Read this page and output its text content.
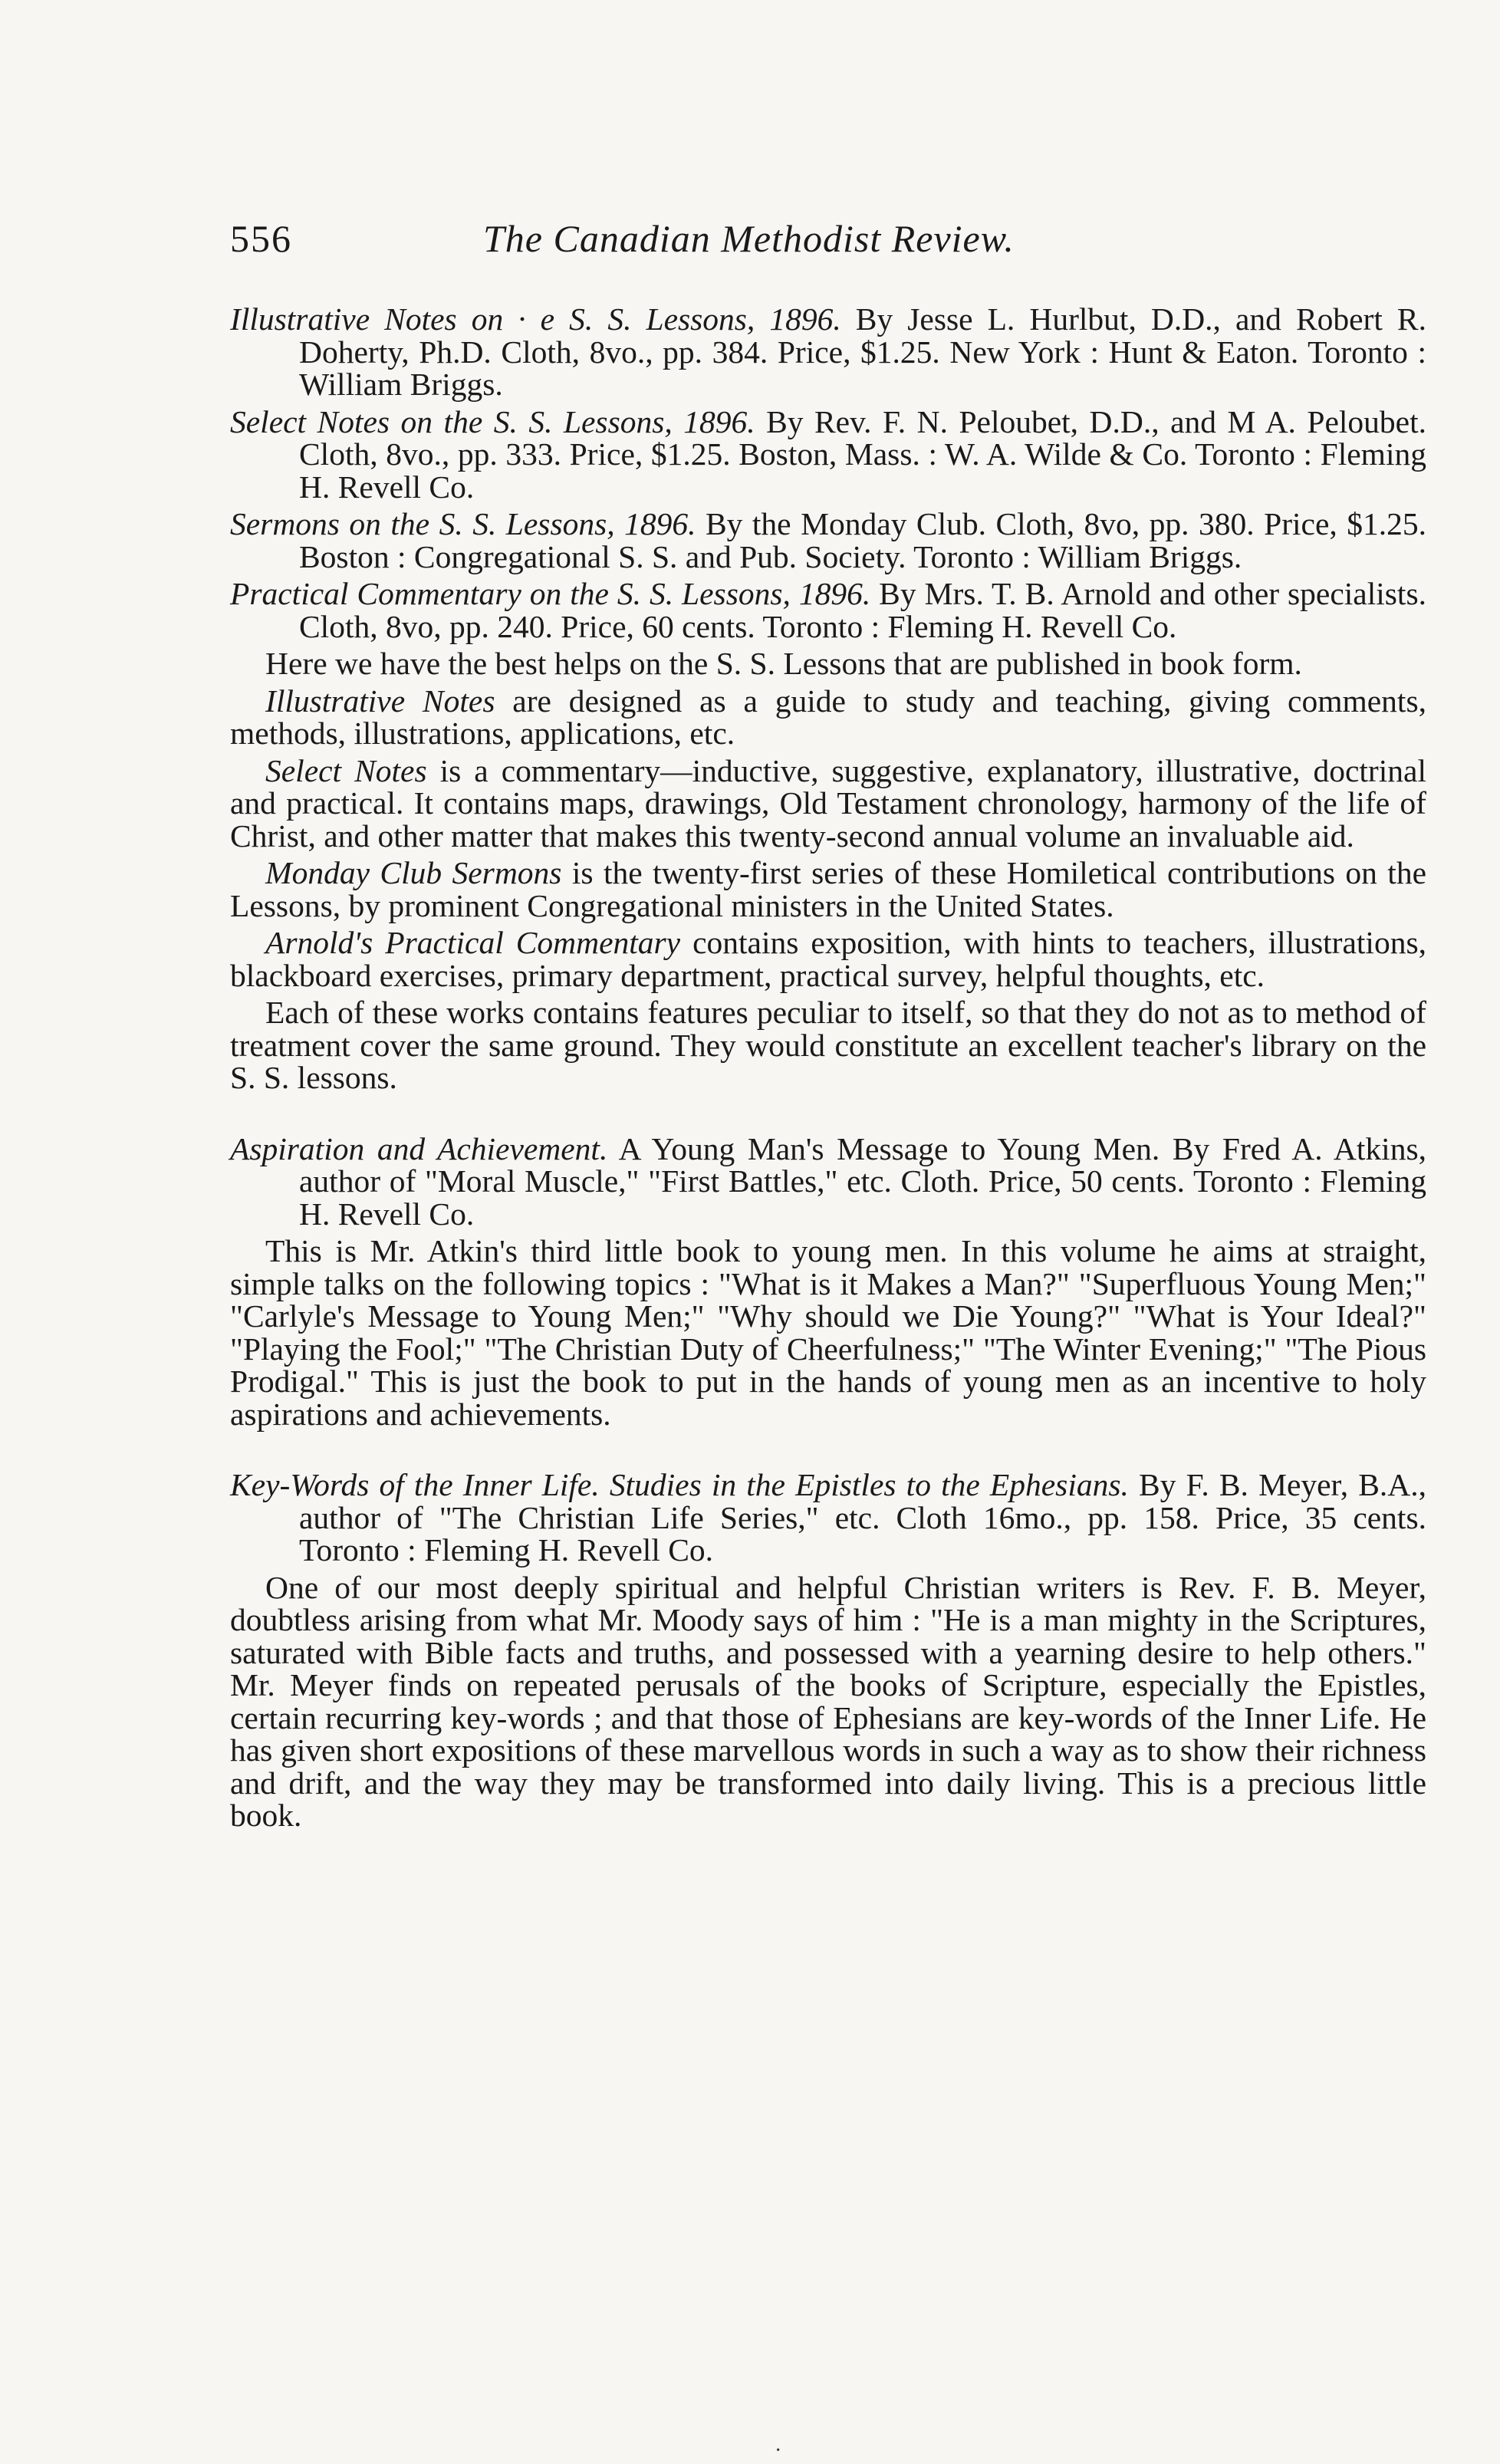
556	The Canadian Methodist Review.

Illustrative Notes on · e S. S. Lessons, 1896. By Jesse L. Hurlbut, D.D., and Robert R. Doherty, Ph.D. Cloth, 8vo., pp. 384. Price, $1.25. New York : Hunt & Eaton. Toronto : William Briggs.

Select Notes on the S. S. Lessons, 1896. By Rev. F. N. Peloubet, D.D., and M A. Peloubet. Cloth, 8vo., pp. 333. Price, $1.25. Boston, Mass. : W. A. Wilde & Co. Toronto : Fleming H. Revell Co.

Sermons on the S. S. Lessons, 1896. By the Monday Club. Cloth, 8vo, pp. 380. Price, $1.25. Boston : Congregational S. S. and Pub. Society. Toronto : William Briggs.

Practical Commentary on the S. S. Lessons, 1896. By Mrs. T. B. Arnold and other specialists. Cloth, 8vo, pp. 240. Price, 60 cents. Toronto : Fleming H. Revell Co.

Here we have the best helps on the S. S. Lessons that are published in book form.

Illustrative Notes are designed as a guide to study and teaching, giving comments, methods, illustrations, applications, etc.

Select Notes is a commentary—inductive, suggestive, explanatory, illustrative, doctrinal and practical. It contains maps, drawings, Old Testament chronology, harmony of the life of Christ, and other matter that makes this twenty-second annual volume an invaluable aid.

Monday Club Sermons is the twenty-first series of these Homiletical contributions on the Lessons, by prominent Congregational ministers in the United States.

Arnold's Practical Commentary contains exposition, with hints to teachers, illustrations, blackboard exercises, primary department, practical survey, helpful thoughts, etc.

Each of these works contains features peculiar to itself, so that they do not as to method of treatment cover the same ground. They would constitute an excellent teacher's library on the S. S. lessons.

Aspiration and Achievement. A Young Man's Message to Young Men. By Fred A. Atkins, author of "Moral Muscle," "First Battles," etc. Cloth. Price, 50 cents. Toronto : Fleming H. Revell Co.

This is Mr. Atkin's third little book to young men. In this volume he aims at straight, simple talks on the following topics : "What is it Makes a Man?" "Superfluous Young Men;" "Carlyle's Message to Young Men;" "Why should we Die Young?" "What is Your Ideal?" "Playing the Fool;" "The Christian Duty of Cheerfulness;" "The Winter Evening;" "The Pious Prodigal." This is just the book to put in the hands of young men as an incentive to holy aspirations and achievements.

Key-Words of the Inner Life. Studies in the Epistles to the Ephesians. By F. B. Meyer, B.A., author of "The Christian Life Series," etc. Cloth 16mo., pp. 158. Price, 35 cents. Toronto : Fleming H. Revell Co.

One of our most deeply spiritual and helpful Christian writers is Rev. F. B. Meyer, doubtless arising from what Mr. Moody says of him : "He is a man mighty in the Scriptures, saturated with Bible facts and truths, and possessed with a yearning desire to help others." Mr. Meyer finds on repeated perusals of the books of Scripture, especially the Epistles, certain recurring key-words ; and that those of Ephesians are key-words of the Inner Life. He has given short expositions of these marvellous words in such a way as to show their richness and drift, and the way they may be transformed into daily living. This is a precious little book.

·
